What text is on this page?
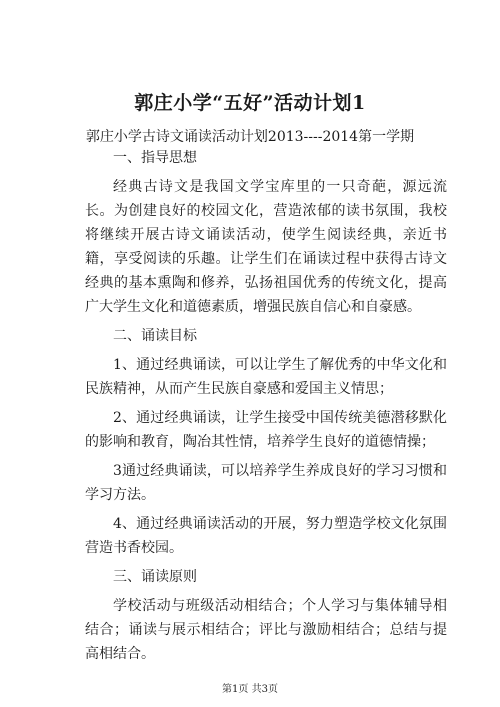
郭庄小学“五好”活动计划1
郭庄小学古诗文诵读活动计划2013----2014第一学期

一、指导思想

经典古诗文是我国文学宝库里的一只奇葩，源远流长。为创建良好的校园文化，营造浓郁的读书氛围，我校将继续开展古诗文诵读活动，使学生阅读经典，亲近书籍，享受阅读的乐趣。让学生们在诵读过程中获得古诗文经典的基本熏陶和修养，弘扬祖国优秀的传统文化，提高广大学生文化和道德素质，增强民族自信心和自豪感。

二、诵读目标

1、通过经典诵读，可以让学生了解优秀的中华文化和民族精神，从而产生民族自豪感和爱国主义情思；

2、通过经典诵读，让学生接受中国传统美德潜移默化的影响和教育，陶冶其性情，培养学生良好的道德情操；

3通过经典诵读，可以培养学生养成良好的学习习惯和学习方法。

4、通过经典诵读活动的开展，努力塑造学校文化氛围营造书香校园。

三、诵读原则

学校活动与班级活动相结合；个人学习与集体辅导相结合；诵读与展示相结合；评比与激励相结合；总结与提高相结合。

第1页 共3页
